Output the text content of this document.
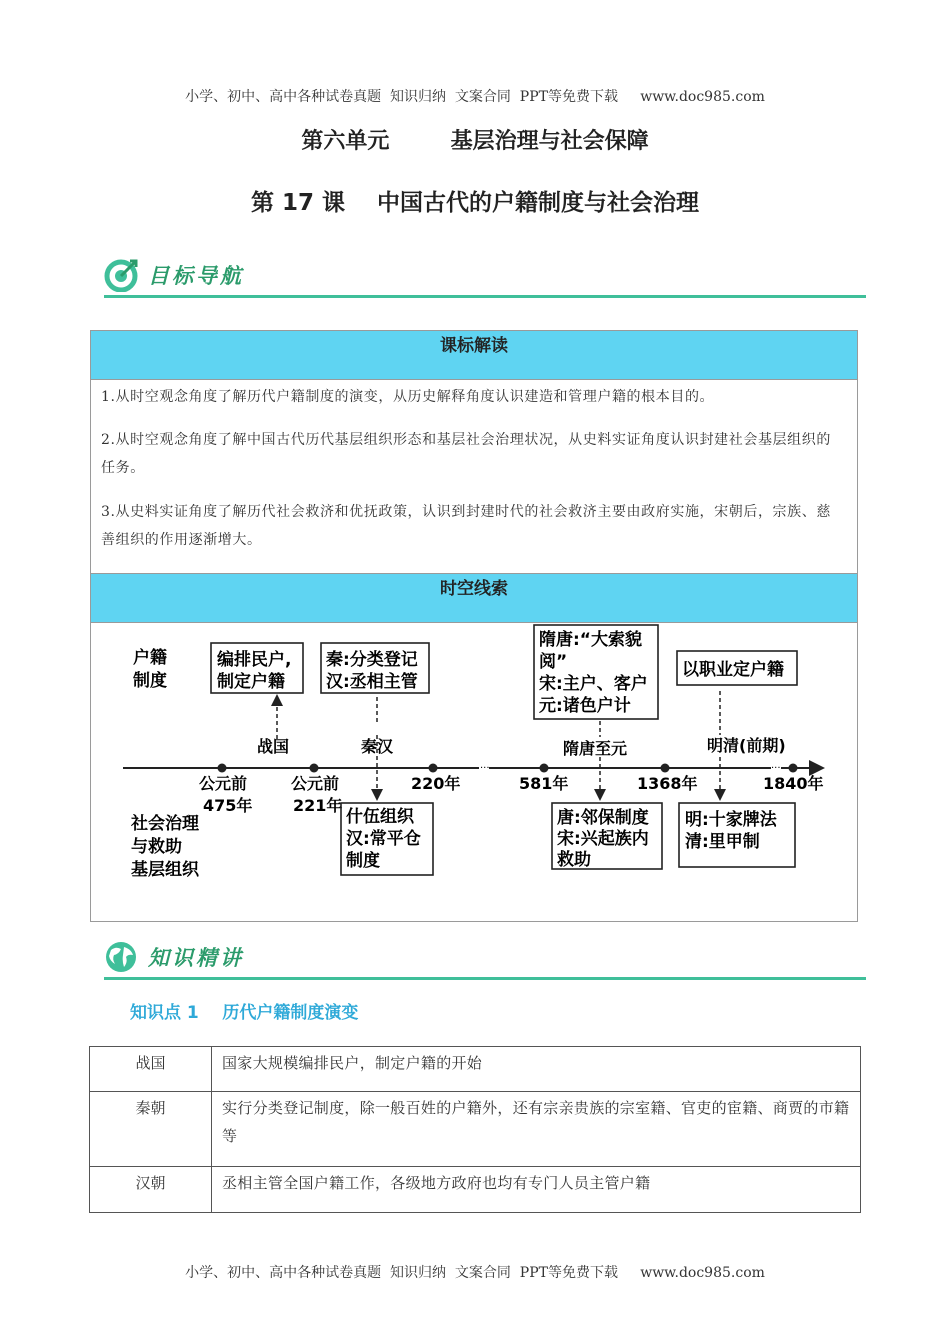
小学、初中、高中各种试卷真题  知识归纳  文案合同  PPT等免费下载     www.doc985.com
第六单元        基层治理与社会保障
第 17 课    中国古代的户籍制度与社会治理
目标导航
课标解读
1.从时空观念角度了解历代户籍制度的演变，从历史解释角度认识建造和管理户籍的根本目的。
2.从时空观念角度了解中国古代历代基层组织形态和基层社会治理状况，从史料实证角度认识封建社会基层组织的任务。
3.从史料实证角度了解历代社会救济和优抚政策，认识到封建时代的社会救济主要由政府实施，宋朝后，宗族、慈善组织的作用逐渐增大。
时空线索
户籍
制度
社会治理
与救助
基层组织
···	···
公元前
475年
公元前
221年
220年	581年	1368年	1840年
战国	秦汉	隋唐至元	明清(前期)
编排民户,
制定户籍
秦:分类登记
汉:丞相主管
隋唐:“大索貌
阅”
宋:主户、客户
元:诸色户计
以职业定户籍
什伍组织
汉:常平仓
制度
唐:邻保制度
宋:兴起族内
救助
明:十家牌法
清:里甲制
知识精讲
知识点 1    历代户籍制度演变
战国	国家大规模编排民户，制定户籍的开始
秦朝	实行分类登记制度，除一般百姓的户籍外，还有宗亲贵族的宗室籍、官吏的宦籍、商贾的市籍等
汉朝	丞相主管全国户籍工作，各级地方政府也均有专门人员主管户籍
小学、初中、高中各种试卷真题  知识归纳  文案合同  PPT等免费下载     www.doc985.com
